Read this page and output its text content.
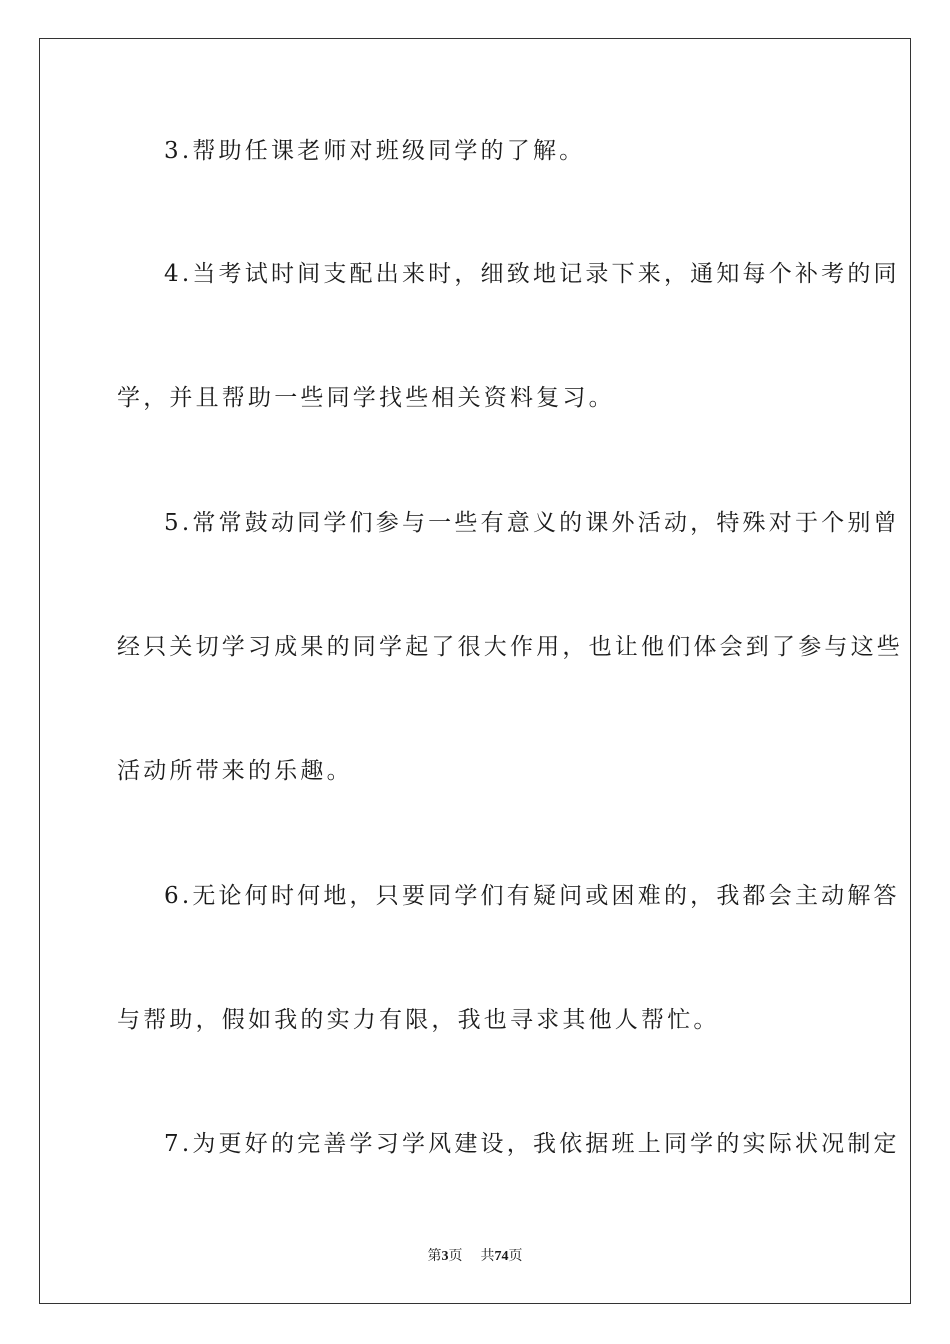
3.帮助任课老师对班级同学的了解。
4.当考试时间支配出来时，细致地记录下来，通知每个补考的同
学，并且帮助一些同学找些相关资料复习。
5.常常鼓动同学们参与一些有意义的课外活动，特殊对于个别曾
经只关切学习成果的同学起了很大作用，也让他们体会到了参与这些
活动所带来的乐趣。
6.无论何时何地，只要同学们有疑问或困难的，我都会主动解答
与帮助，假如我的实力有限，我也寻求其他人帮忙。
7.为更好的完善学习学风建设，我依据班上同学的实际状况制定
第3页 共74页
